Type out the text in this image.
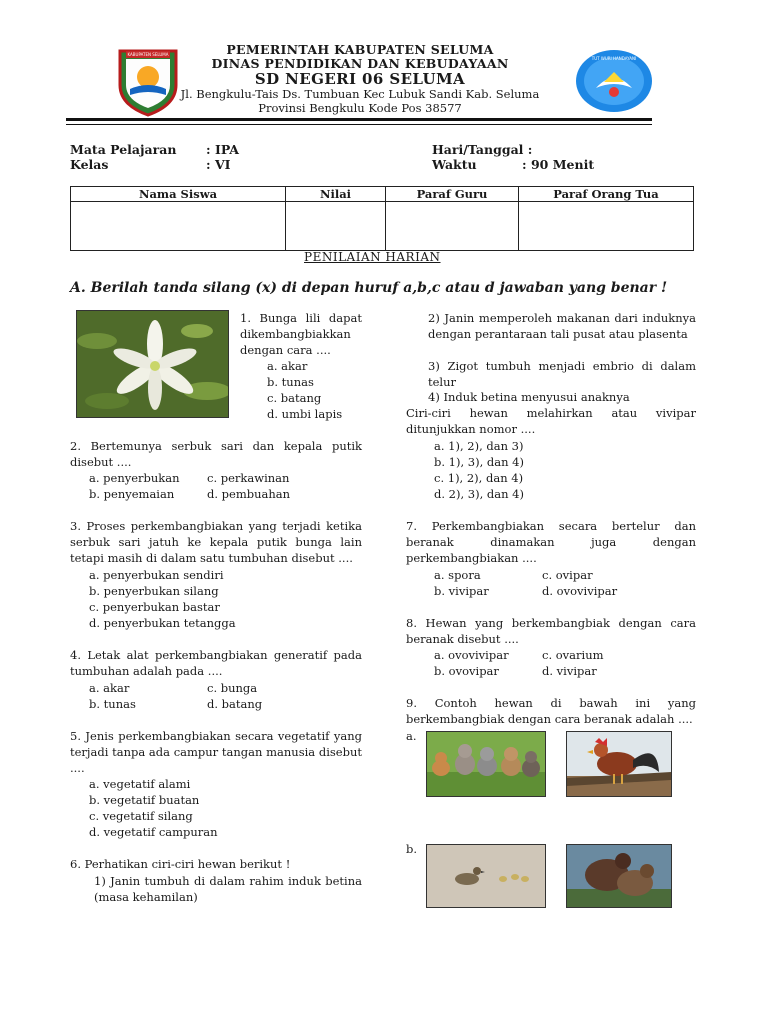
KABUPATEN SELUMA
TUT WURI HANDAYANI
PEMERINTAH KABUPATEN SELUMA
DINAS PENDIDIKAN DAN KEBUDAYAAN
SD NEGERI 06 SELUMA
Jl. Bengkulu-Tais Ds. Tumbuan Kec Lubuk Sandi Kab. Seluma
Provinsi Bengkulu Kode Pos 38577
Mata Pelajaran : IPA
Kelas	: VI
Hari/Tanggal :
Waktu	: 90 Menit
Nama Siswa	Nilai	Paraf Guru	Paraf Orang Tua

PENILAIAN HARIAN
A. Berilah tanda silang (x) di depan huruf a,b,c atau d jawaban yang benar !
1. Bunga lili dapat dikembangbiakkan dengan cara ....
a. akar
b. tunas
c. batang
d. umbi lapis
2. Bertemunya serbuk sari dan kepala putik disebut ....
a. penyerbukan c. perkawinan
b. penyemaian	d. pembuahan
3. Proses perkembangbiakan yang terjadi ketika serbuk sari jatuh ke kepala putik bunga lain tetapi masih di dalam satu tumbuhan disebut ....
a. penyerbukan sendiri
b. penyerbukan silang
c. penyerbukan bastar
d. penyerbukan tetangga
4. Letak alat perkembangbiakan generatif pada tumbuhan adalah pada ....
a. akar	c. bunga
b. tunas	d. batang
5. Jenis perkembangbiakan secara vegetatif yang terjadi tanpa ada campur tangan manusia disebut ....
a. vegetatif alami
b. vegetatif buatan
c. vegetatif silang
d. vegetatif campuran
6. Perhatikan ciri-ciri hewan berikut !
1) Janin tumbuh di dalam rahim induk betina (masa kehamilan)
2) Janin memperoleh makanan dari induknya dengan perantaraan tali pusat atau plasenta
3) Zigot tumbuh menjadi embrio di dalam telur
4) Induk betina menyusui anaknya
Ciri-ciri hewan melahirkan atau vivipar ditunjukkan nomor ....
a. 1), 2), dan 3)
b. 1), 3), dan 4)
c. 1), 2), dan 4)
d. 2), 3), dan 4)
7. Perkembangbiakan secara bertelur dan beranak dinamakan juga dengan perkembangbiakan ....
a. spora	c. ovipar
b. vivipar	d. ovovivipar
8. Hewan yang berkembangbiak dengan cara beranak disebut ....
a. ovovivipar	c. ovarium
b. ovovipar	d. vivipar
9. Contoh hewan di bawah ini yang berkembangbiak dengan cara beranak adalah ....
a.
b.
